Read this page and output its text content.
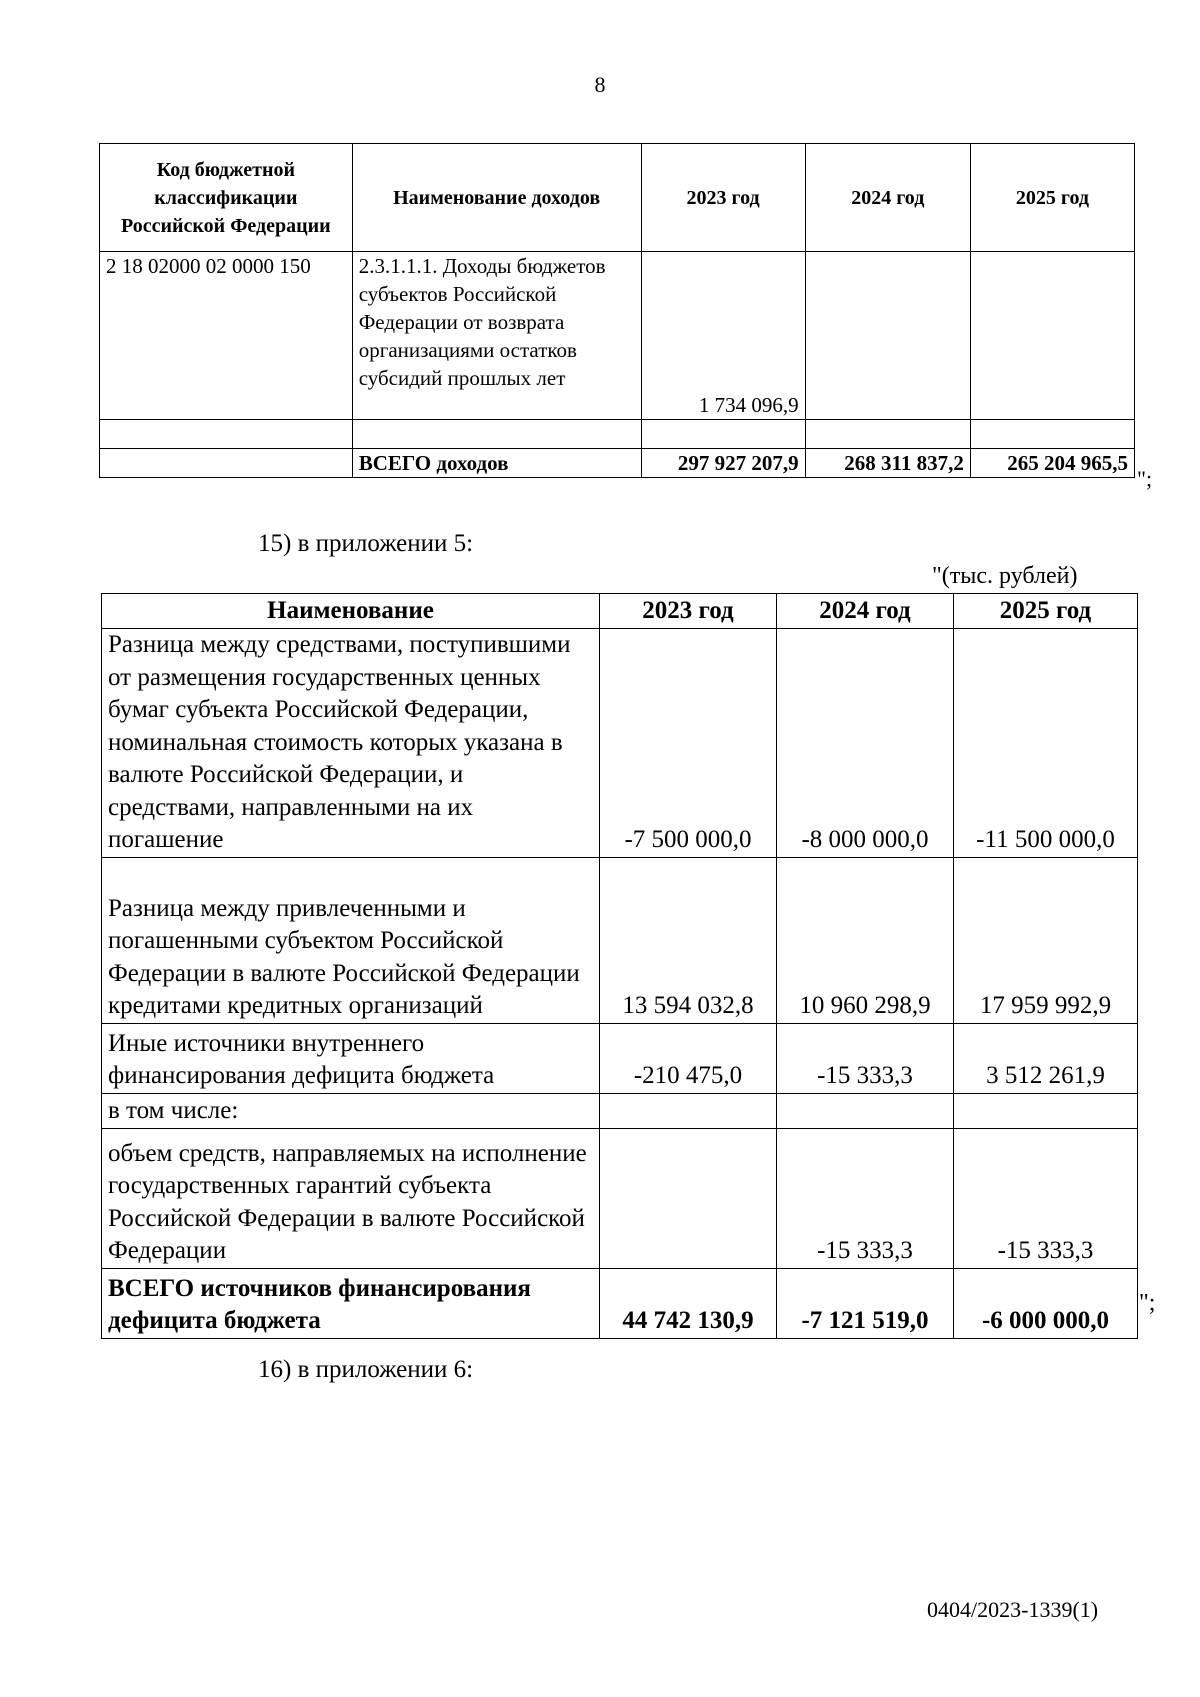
8
Код бюджетной классификации Российской Федерации	Наименование доходов	2023 год	2024 год	2025 год
2 18 02000 02 0000 150	2.3.1.1.1. Доходы бюджетов субъектов Российской Федерации от возврата организациями остатков субсидий прошлых лет	1 734 096,9		

	ВСЕГО доходов	297 927 207,9	268 311 837,2	265 204 965,5
";
15) в приложении 5:
"(тыс. рублей)
Наименование	2023 год	2024 год	2025 год
Разница между средствами, поступившими от размещения государственных ценных бумаг субъекта Российской Федерации, номинальная стоимость которых указана в валюте Российской Федерации, и средствами, направленными на их погашение	-7 500 000,0	-8 000 000,0	-11 500 000,0
Разница между привлеченными и погашенными субъектом Российской Федерации в валюте Российской Федерации кредитами кредитных организаций	13 594 032,8	10 960 298,9	17 959 992,9
Иные источники внутреннего финансирования дефицита бюджета	-210 475,0	-15 333,3	3 512 261,9
в том числе:			
объем средств, направляемых на исполнение государственных гарантий субъекта Российской Федерации в валюте Российской Федерации		-15 333,3	-15 333,3
ВСЕГО источников финансирования дефицита бюджета	44 742 130,9	-7 121 519,0	-6 000 000,0
";
16) в приложении 6:
0404/2023-1339(1)
